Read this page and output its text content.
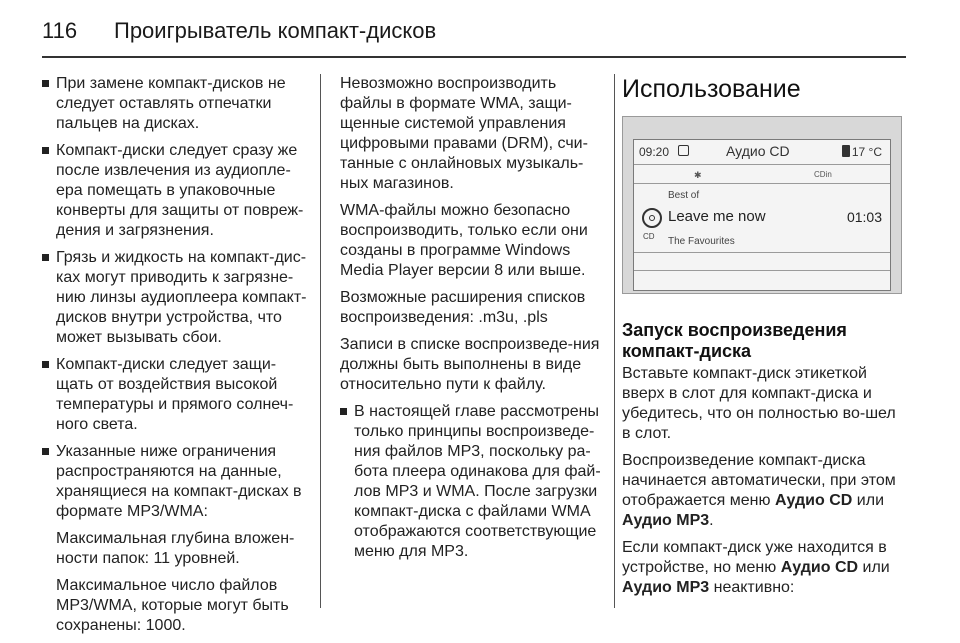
116 Проигрыватель компакт-дисков
При замене компакт-дисков не следует оставлять отпечатки пальцев на дисках.
Компакт-диски следует сразу же после извлечения из аудиопле-ера помещать в упаковочные конверты для защиты от повреж-дения и загрязнения.
Грязь и жидкость на компакт-дис-ках могут приводить к загрязне-нию линзы аудиоплеера компакт-дисков внутри устройства, что может вызывать сбои.
Компакт-диски следует защи-щать от воздействия высокой температуры и прямого солнеч-ного света.
Указанные ниже ограничения распространяются на данные, хранящиеся на компакт-дисках в формате MP3/WMA:
Максимальная глубина вложен-ности папок: 11 уровней.
Максимальное число файлов MP3/WMA, которые могут быть сохранены: 1000.

Невозможно воспроизводить файлы в формате WMA, защи-щенные системой управления цифровыми правами (DRM), счи-танные с онлайновых музыкаль-ных магазинов.

WMA-файлы можно безопасно воспроизводить, только если они созданы в программе Windows Media Player версии 8 или выше.

Возможные расширения списков воспроизведения: .m3u, .pls

Записи в списке воспроизведе-ния должны быть выполнены в виде относительно пути к файлу.

В настоящей главе рассмотрены только принципы воспроизведе-ния файлов MP3, поскольку ра-бота плеера одинакова для фай-лов MP3 и WMA. После загрузки компакт-диска с файлами WMA отображаются соответствующие меню для MP3.
Использование
09:20	Аудио CD	17 °C
✱	CDin
Best of
CD
Leave me now	01:03
The Favourites
Запуск воспроизведения компакт-диска

Вставьте компакт-диск этикеткой вверх в слот для компакт-диска и убедитесь, что он полностью во-шел в слот.

Воспроизведение компакт-диска начинается автоматически, при этом отображается меню Аудио CD или Аудио MP3.

Если компакт-диск уже находится в устройстве, но меню Аудио CD или Аудио MP3 неактивно:
